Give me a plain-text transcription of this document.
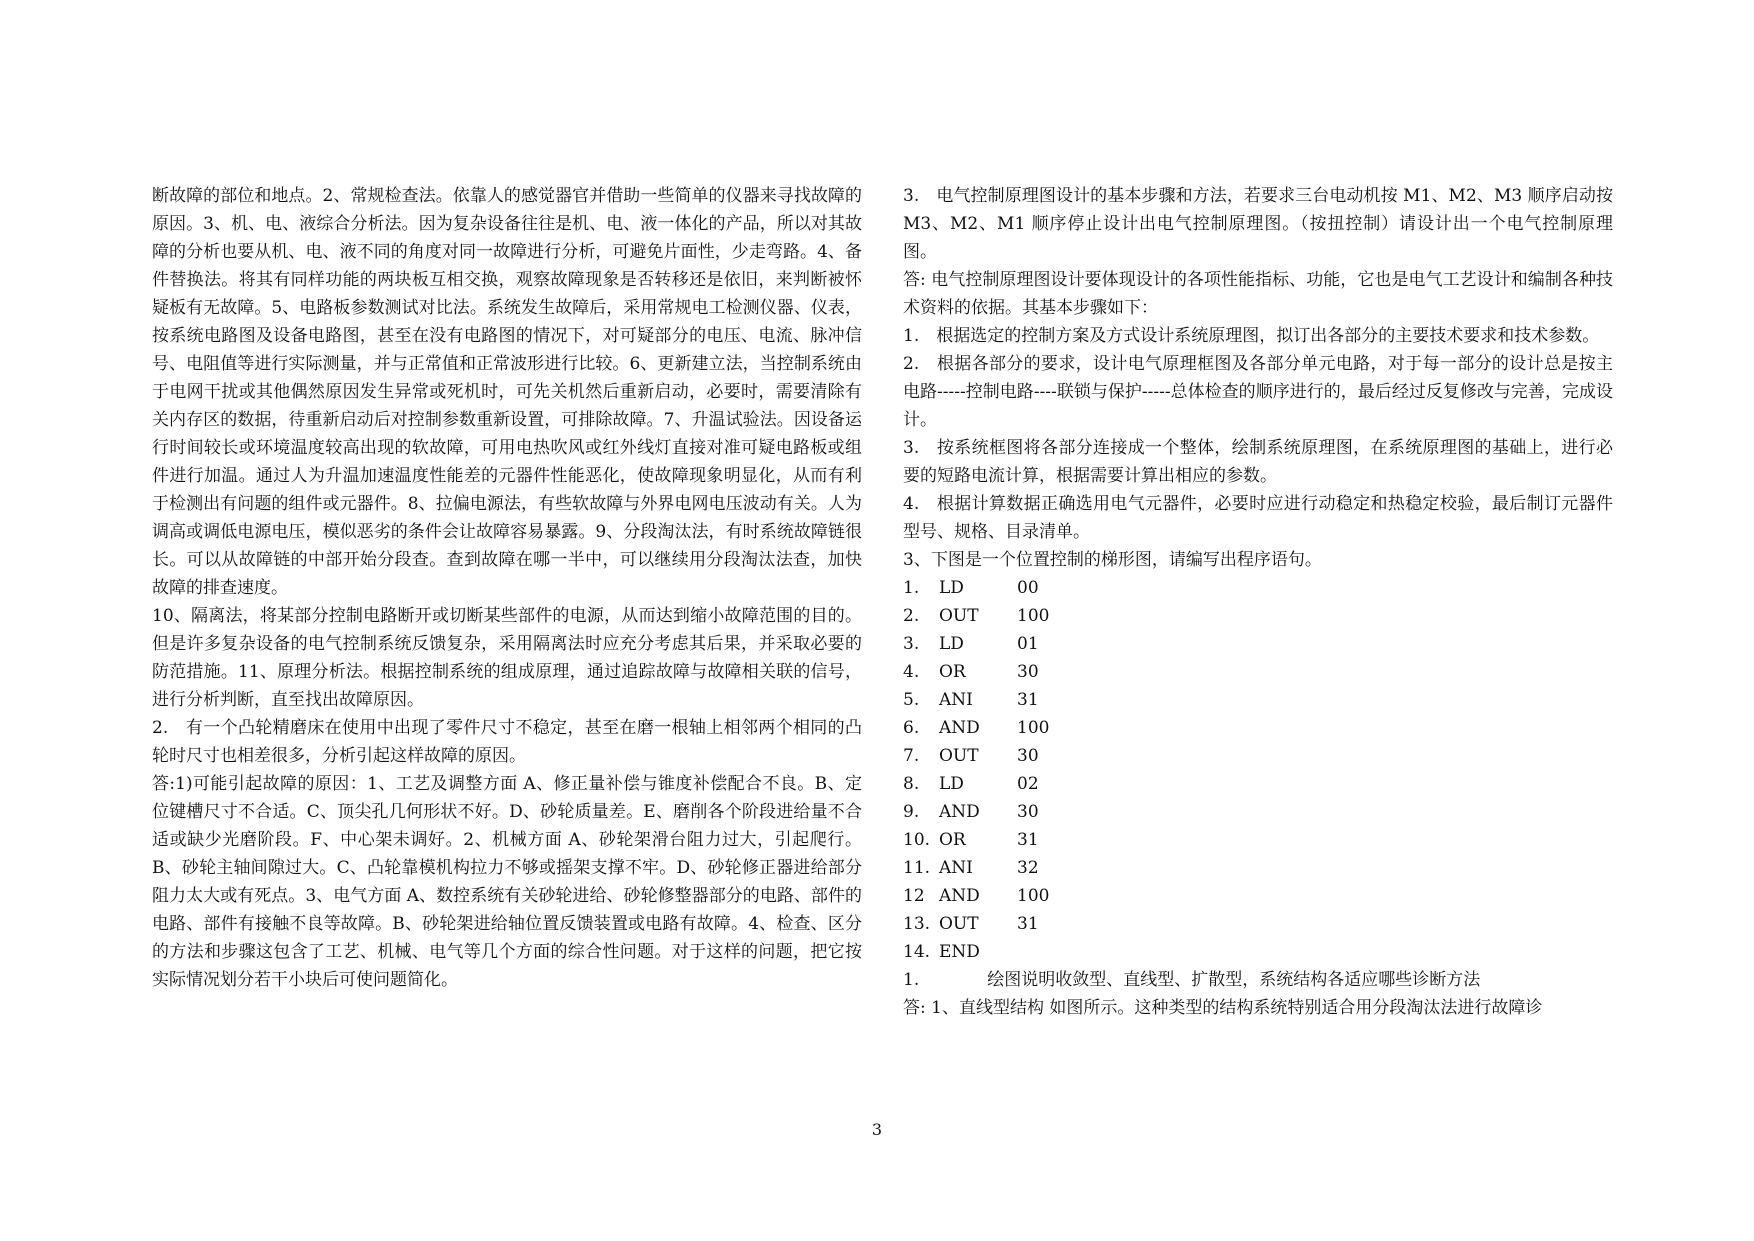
断故障的部位和地点。2、常规检查法。依靠人的感觉器官并借助一些简单的仪器来寻找故障的原因。3、机、电、液综合分析法。因为复杂设备往往是机、电、液一体化的产品，所以对其故障的分析也要从机、电、液不同的角度对同一故障进行分析，可避免片面性，少走弯路。4、备件替换法。将其有同样功能的两块板互相交换，观察故障现象是否转移还是依旧，来判断被怀疑板有无故障。5、电路板参数测试对比法。系统发生故障后，采用常规电工检测仪器、仪表，按系统电路图及设备电路图，甚至在没有电路图的情况下，对可疑部分的电压、电流、脉冲信号、电阻值等进行实际测量，并与正常值和正常波形进行比较。6、更新建立法，当控制系统由于电网干扰或其他偶然原因发生异常或死机时，可先关机然后重新启动，必要时，需要清除有关内存区的数据，待重新启动后对控制参数重新设置，可排除故障。7、升温试验法。因设备运行时间较长或环境温度较高出现的软故障，可用电热吹风或红外线灯直接对准可疑电路板或组件进行加温。通过人为升温加速温度性能差的元器件性能恶化，使故障现象明显化，从而有利于检测出有问题的组件或元器件。8、拉偏电源法，有些软故障与外界电网电压波动有关。人为调高或调低电源电压，模似恶劣的条件会让故障容易暴露。9、分段淘汰法，有时系统故障链很长。可以从故障链的中部开始分段查。查到故障在哪一半中，可以继续用分段淘汰法查，加快故障的排查速度。

10、隔离法，将某部分控制电路断开或切断某些部件的电源，从而达到缩小故障范围的目的。但是许多复杂设备的电气控制系统反馈复杂，采用隔离法时应充分考虑其后果，并采取必要的防范措施。11、原理分析法。根据控制系统的组成原理，通过追踪故障与故障相关联的信号，进行分析判断，直至找出故障原因。

2.　有一个凸轮精磨床在使用中出现了零件尺寸不稳定，甚至在磨一根轴上相邻两个相同的凸轮时尺寸也相差很多，分析引起这样故障的原因。

答:1)可能引起故障的原因：1、工艺及调整方面 A、修正量补偿与锥度补偿配合不良。B、定位键槽尺寸不合适。C、顶尖孔几何形状不好。D、砂轮质量差。E、磨削各个阶段进给量不合适或缺少光磨阶段。F、中心架未调好。2、机械方面 A、砂轮架滑台阻力过大，引起爬行。B、砂轮主轴间隙过大。C、凸轮靠模机构拉力不够或摇架支撑不牢。D、砂轮修正器进给部分阻力太大或有死点。3、电气方面 A、数控系统有关砂轮进给、砂轮修整器部分的电路、部件的电路、部件有接触不良等故障。B、砂轮架进给轴位置反馈装置或电路有故障。4、检查、区分的方法和步骤这包含了工艺、机械、电气等几个方面的综合性问题。对于这样的问题，把它按实际情况划分若干小块后可使问题简化。

3.　电气控制原理图设计的基本步骤和方法，若要求三台电动机按 M1、M2、M3 顺序启动按 M3、M2、M1 顺序停止设计出电气控制原理图。（按扭控制）请设计出一个电气控制原理图。

答: 电气控制原理图设计要体现设计的各项性能指标、功能，它也是电气工艺设计和编制各种技术资料的依据。其基本步骤如下：

1.　根据选定的控制方案及方式设计系统原理图，拟订出各部分的主要技术要求和技术参数。

2.　根据各部分的要求，设计电气原理框图及各部分单元电路，对于每一部分的设计总是按主电路-----控制电路----联锁与保护-----总体检查的顺序进行的，最后经过反复修改与完善，完成设计。

3.　按系统框图将各部分连接成一个整体，绘制系统原理图，在系统原理图的基础上，进行必要的短路电流计算，根据需要计算出相应的参数。

4.　根据计算数据正确选用电气元器件，必要时应进行动稳定和热稳定校验，最后制订元器件型号、规格、目录清单。

3、下图是一个位置控制的梯形图，请编写出程序语句。

1. LD	00
2. OUT 100
3. LD	01
4. OR	30
5. ANI	31
6. AND 100
7. OUT 30
8. LD	02
9. AND 30
10. OR	31
11. ANI	32
12 AND 100
13. OUT 31
14. END

1.　　　　绘图说明收敛型、直线型、扩散型，系统结构各适应哪些诊断方法

答: 1、直线型结构 如图所示。这种类型的结构系统特别适合用分段淘汰法进行故障诊

3
